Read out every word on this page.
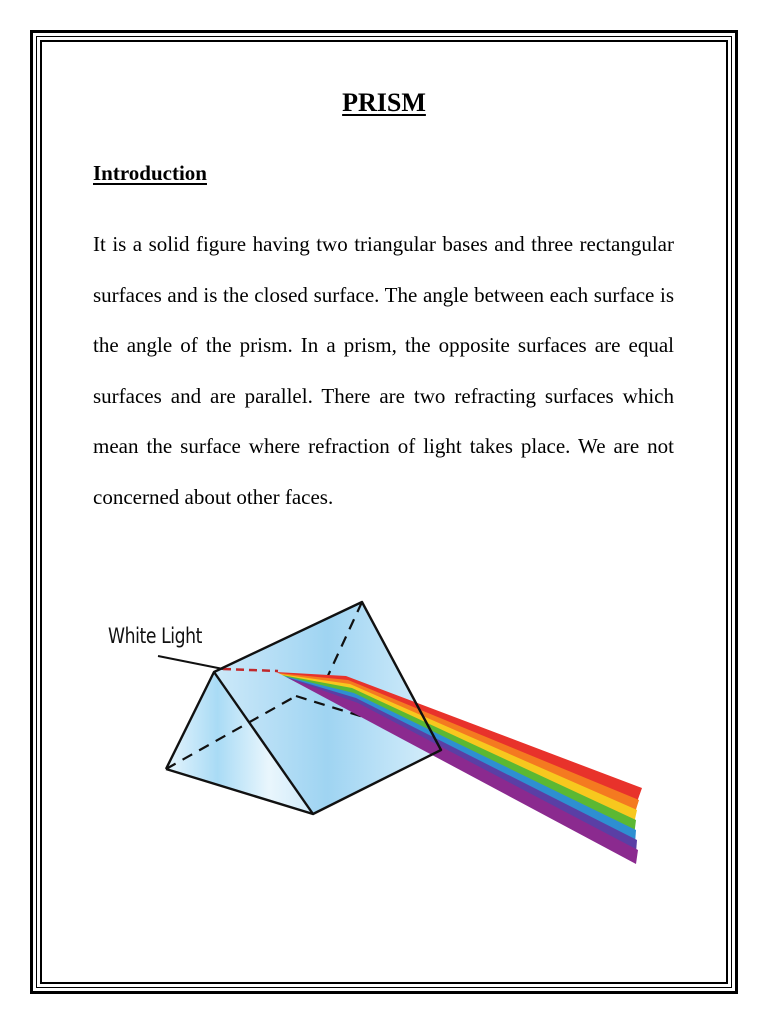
PRISM
Introduction

It is a solid figure having two triangular bases and three rectangular surfaces and is the closed surface. The angle between each surface is the angle of the prism. In a prism, the opposite surfaces are equal surfaces and are parallel. There are two refracting surfaces which mean the surface where refraction of light takes place. We are not concerned about other faces.

White Light
